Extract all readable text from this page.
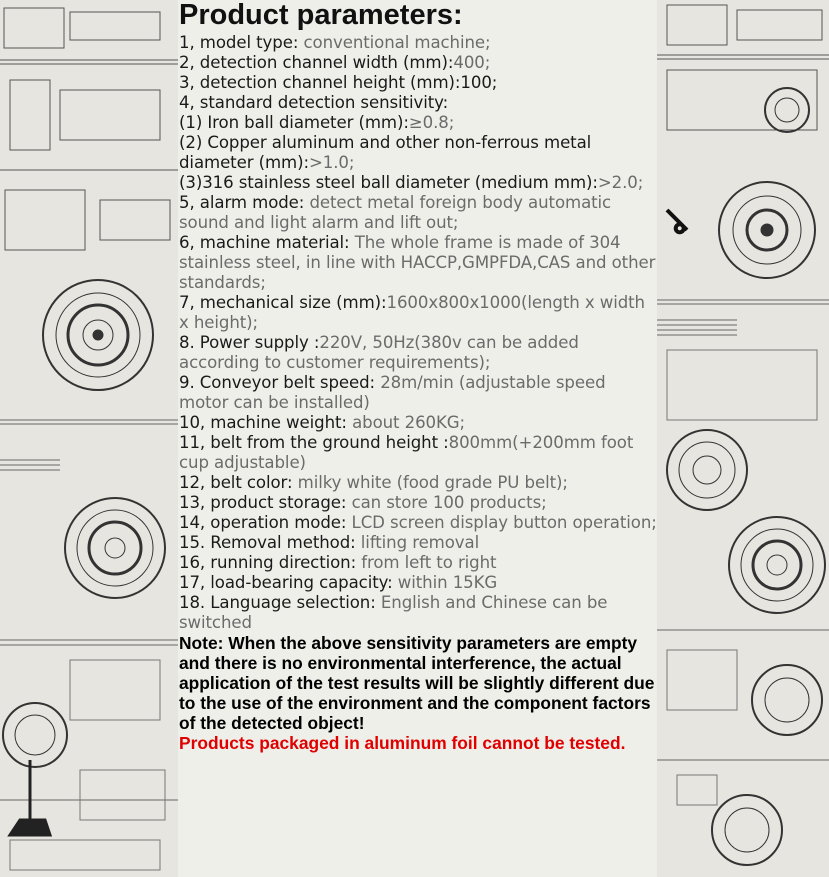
Product parameters:
1, model type: conventional machine;
2, detection channel width (mm):400;
3, detection channel height (mm):100;
4, standard detection sensitivity:
(1) Iron ball diameter (mm):≥0.8;
(2) Copper aluminum and other non-ferrous metal diameter (mm):>1.0;
(3)316 stainless steel ball diameter (medium mm):>2.0;
5, alarm mode: detect metal foreign body automatic sound and light alarm and lift out;
6, machine material: The whole frame is made of 304 stainless steel, in line with HACCP,GMPFDA,CAS and other standards;
7, mechanical size (mm):1600x800x1000(length x width x height);
8. Power supply :220V, 50Hz(380v can be added according to customer requirements);
9. Conveyor belt speed: 28m/min (adjustable speed motor can be installed)
10, machine weight: about 260KG;
11, belt from the ground height :800mm(+200mm foot cup adjustable)
12, belt color: milky white (food grade PU belt);
13, product storage: can store 100 products;
14, operation mode: LCD screen display button operation;
15. Removal method: lifting removal
16, running direction: from left to right
17, load-bearing capacity: within 15KG
18. Language selection: English and Chinese can be switched

Note: When the above sensitivity parameters are empty and there is no environmental interference, the actual application of the test results will be slightly different due to the use of the environment and the component factors of the detected object!

Products packaged in aluminum foil cannot be tested.
